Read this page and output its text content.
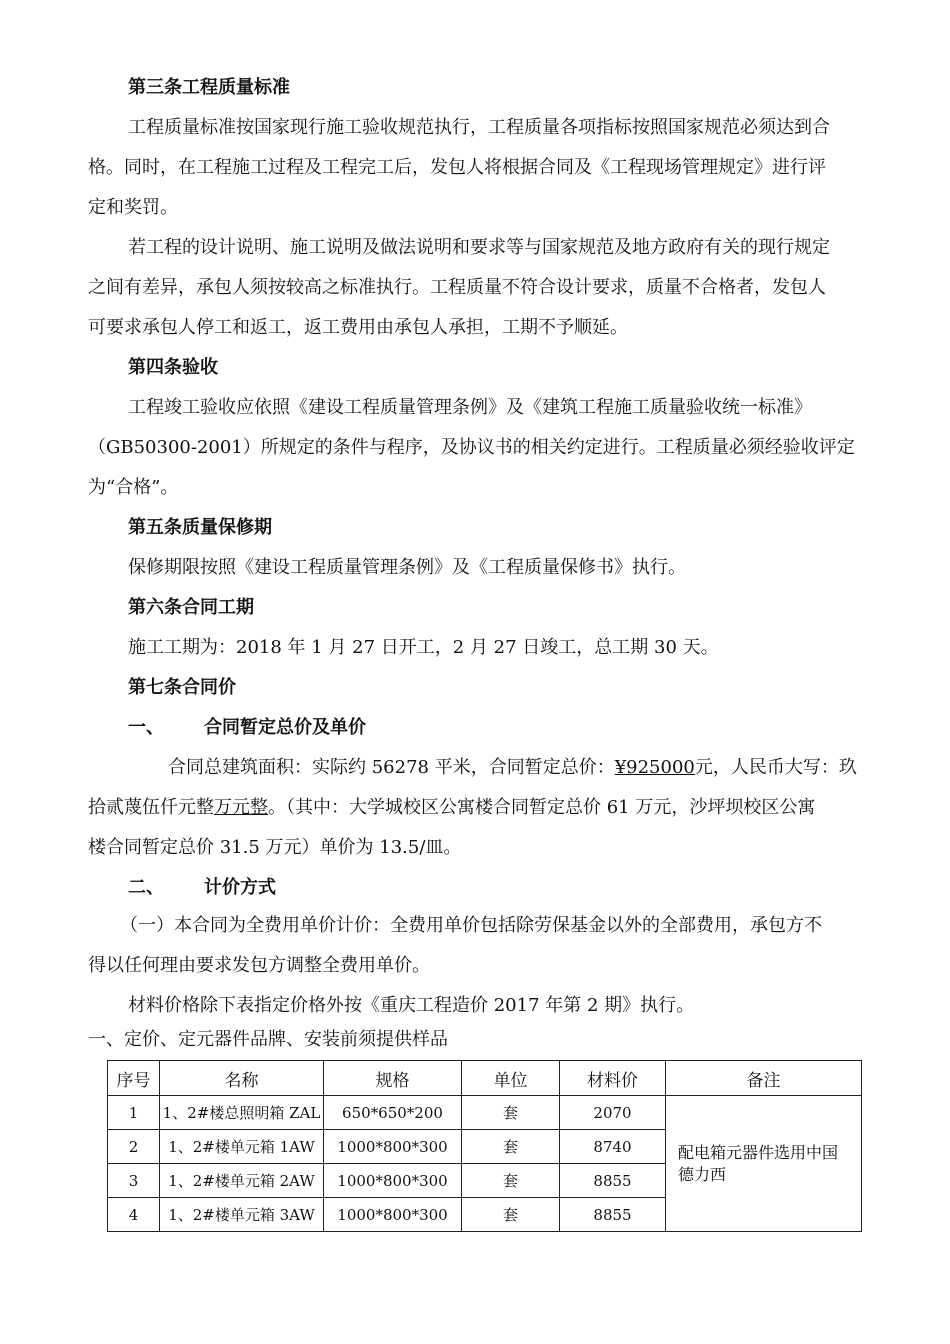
第三条工程质量标准
工程质量标准按国家现行施工验收规范执行，工程质量各项指标按照国家规范必须达到合
格。同时，在工程施工过程及工程完工后，发包人将根据合同及《工程现场管理规定》进行评
定和奖罚。
若工程的设计说明、施工说明及做法说明和要求等与国家规范及地方政府有关的现行规定
之间有差异，承包人须按较高之标准执行。工程质量不符合设计要求，质量不合格者，发包人
可要求承包人停工和返工，返工费用由承包人承担，工期不予顺延。
第四条验收
工程竣工验收应依照《建设工程质量管理条例》及《建筑工程施工质量验收统一标准》
（GB50300-2001）所规定的条件与程序，及协议书的相关约定进行。工程质量必须经验收评定
为“合格”。
第五条质量保修期
保修期限按照《建设工程质量管理条例》及《工程质量保修书》执行。
第六条合同工期
施工工期为：2018 年 1 月 27 日开工，2 月 27 日竣工，总工期 30 天。
第七条合同价
一、 合同暂定总价及单价
合同总建筑面积：实际约 56278 平米，合同暂定总价：¥925000元，人民币大写：玖
拾贰蔑伍仟元整万元整。（其中：大学城校区公寓楼合同暂定总价 61 万元，沙坪坝校区公寓
楼合同暂定总价 31.5 万元）单价为 13.5/皿。
二、 计价方式
（一）本合同为全费用单价计价：全费用单价包括除劳保基金以外的全部费用，承包方不
得以任何理由要求发包方调整全费用单价。
材料价格除下表指定价格外按《重庆工程造价 2017 年第 2 期》执行。
一、定价、定元器件品牌、安装前须提供样品
序号	名称	规格	单位	材料价	备注
1	1、2#楼总照明箱 ZAL	650*650*200	套	2070	配电箱元器件选用中国德力西
2	1、2#楼单元箱 1AW	1000*800*300	套	8740	
3	1、2#楼单元箱 2AW	1000*800*300	套	8855	
4	1、2#楼单元箱 3AW	1000*800*300	套	8855	
